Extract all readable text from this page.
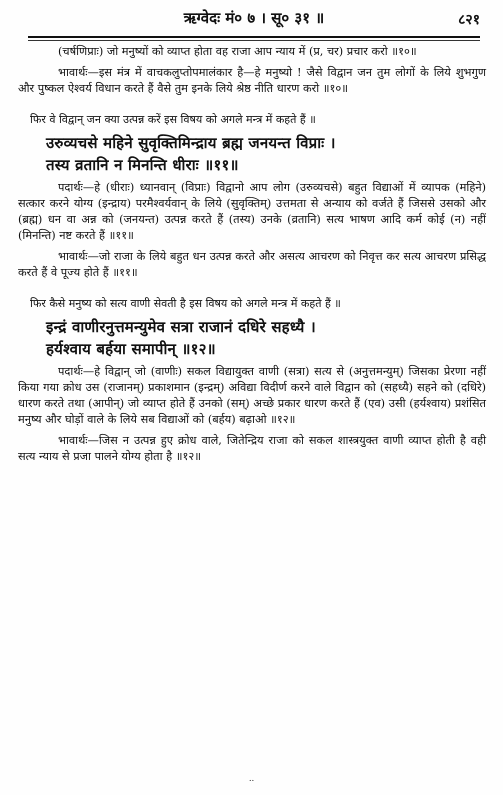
ऋग्वेदः मं० ७ । सू० ३१ ॥	८२१

(चर्षणिप्राः) जो मनुष्यों को व्याप्त होता वह राजा आप न्याय में (प्र, चर) प्रचार करो ॥१०॥

भावार्थः—इस मंत्र में वाचकलुप्तोपमालंकार है—हे मनुष्यो ! जैसे विद्वान जन तुम लोगों के लिये शुभगुण और पुष्कल ऐश्वर्य विधान करते हैं वैसे तुम इनके लिये श्रेष्ठ नीति धारण करो ॥१०॥

फिर वे विद्वान् जन क्या उत्पन्न करें इस विषय को अगले मन्त्र में कहते हैं ॥

उरुव्यचसे महिने सुवृक्तिमिन्द्राय ब्रह्म जनयन्त विप्राः ।

तस्य व्रतानि न मिनन्ति धीराः ॥११॥

पदार्थः—हे (धीराः) ध्यानवान् (विप्राः) विद्वानो आप लोग (उरुव्यचसे) बहुत विद्याओं में व्यापक (महिने) सत्कार करने योग्य (इन्द्राय) परमैश्वर्यवान् के लिये (सुवृक्तिम्) उत्तमता से अन्याय को वर्जते हैं जिससे उसको और (ब्रह्म) धन वा अन्न को (जनयन्त) उत्पन्न करते हैं (तस्य) उनके (व्रतानि) सत्य भाषण आदि कर्म कोई (न) नहीं (मिनन्ति) नष्ट करते हैं ॥११॥

भावार्थः—जो राजा के लिये बहुत धन उत्पन्न करते और असत्य आचरण को निवृत्त कर सत्य आचरण प्रसिद्ध करते हैं वे पूज्य होते हैं ॥११॥

फिर कैसे मनुष्य को सत्य वाणी सेवती है इस विषय को अगले मन्त्र में कहते हैं ॥

इन्द्रं वाणीरनुत्तमन्युमेव सत्रा राजानं दधिरे सहध्यै ।

हर्यश्वाय बर्हया समापीन् ॥१२॥

पदार्थः—हे विद्वान् जो (वाणीः) सकल विद्यायुक्त वाणी (सत्रा) सत्य से (अनुत्तमन्युम्) जिसका प्रेरणा नहीं किया गया क्रोध उस (राजानम्) प्रकाशमान (इन्द्रम्) अविद्या विदीर्ण करने वाले विद्वान को (सहध्यै) सहने को (दधिरे) धारण करते तथा (आपीन्) जो व्याप्त होते हैं उनको (सम्) अच्छे प्रकार धारण करते हैं (एव) उसी (हर्यश्वाय) प्रशंसित मनुष्य और घोड़ों वाले के लिये सब विद्याओं को (बर्हय) बढ़ाओ ॥१२॥

भावार्थः—जिस न उत्पन्न हुए क्रोध वाले, जितेन्द्रिय राजा को सकल शास्त्रयुक्त वाणी व्याप्त होती है वही सत्य न्याय से प्रजा पालने योग्य होता है ॥१२॥

‥
